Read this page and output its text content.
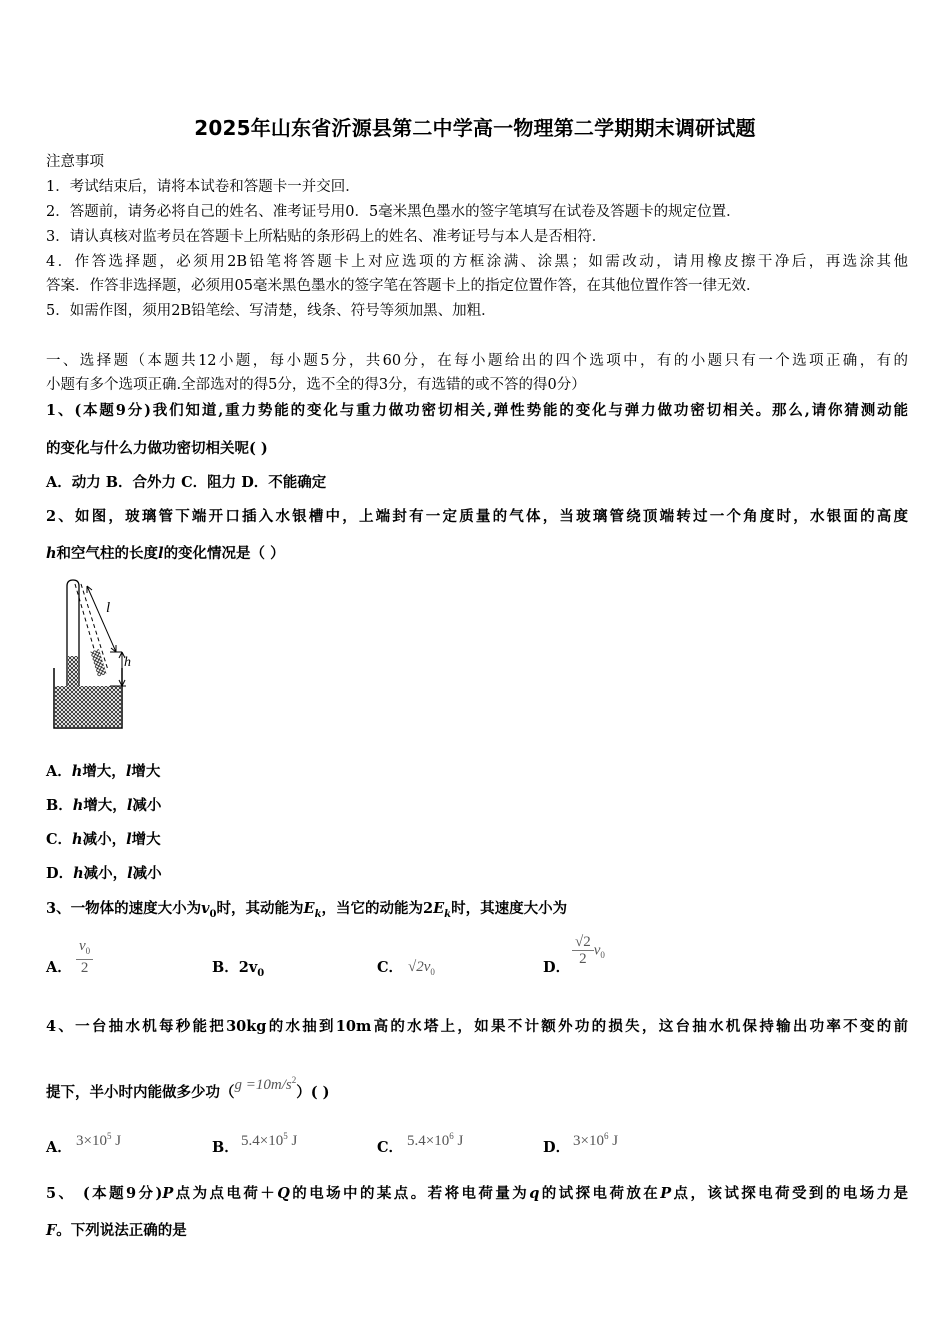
2025年山东省沂源县第二中学高一物理第二学期期末调研试题
注意事项
1．考试结束后，请将本试卷和答题卡一并交回．
2．答题前，请务必将自己的姓名、准考证号用0．5毫米黑色墨水的签字笔填写在试卷及答题卡的规定位置．
3．请认真核对监考员在答题卡上所粘贴的条形码上的姓名、准考证号与本人是否相符．
4．作答选择题，必须用2B铅笔将答题卡上对应选项的方框涂满、涂黑；如需改动，请用橡皮擦干净后，再选涂其他
答案．作答非选择题，必须用05毫米黑色墨水的签字笔在答题卡上的指定位置作答，在其他位置作答一律无效．
5．如需作图，须用2B铅笔绘、写清楚，线条、符号等须加黑、加粗．
一、选择题（本题共12小题，每小题5分，共60分，在每小题给出的四个选项中，有的小题只有一个选项正确，有的
小题有多个选项正确.全部选对的得5分，选不全的得3分，有选错的或不答的得0分）
1、(本题9分)我们知道,重力势能的变化与重力做功密切相关,弹性势能的变化与弹力做功密切相关。那么,请你猜测动能
的变化与什么力做功密切相关呢( )
A．动力 B．合外力 C．阻力 D．不能确定
2、如图，玻璃管下端开口插入水银槽中，上端封有一定质量的气体，当玻璃管绕顶端转过一个角度时，水银面的高度
h和空气柱的长度l的变化情况是（ ）
l
h
A．h增大，l增大
B．h增大，l减小
C．h减小，l增大
D．h减小，l减小
3、一物体的速度大小为$v_0$时，其动能为$E_k$，当它的动能为$2E_k$时，其速度大小为
A． $\frac{v_0}{2}$	B．$2v_0$	C． $√2v_0$	D．
$\frac{√2}{2} v_0$
4、一台抽水机每秒能把30kg的水抽到10m高的水塔上，如果不计额外功的损失，这台抽水机保持输出功率不变的前
提下，半小时内能做多少功$(g =10m/s^2)$( )
A． $3\times 10^5$ J	B． $5.4\times 10^5$ J	C． $5.4\times 10^6$ J	D． $3\times 10^6$ J
5、 (本题9分)P点为点电荷＋Q的电场中的某点。若将电荷量为q的试探电荷放在P点，该试探电荷受到的电场力是
F。下列说法正确的是
